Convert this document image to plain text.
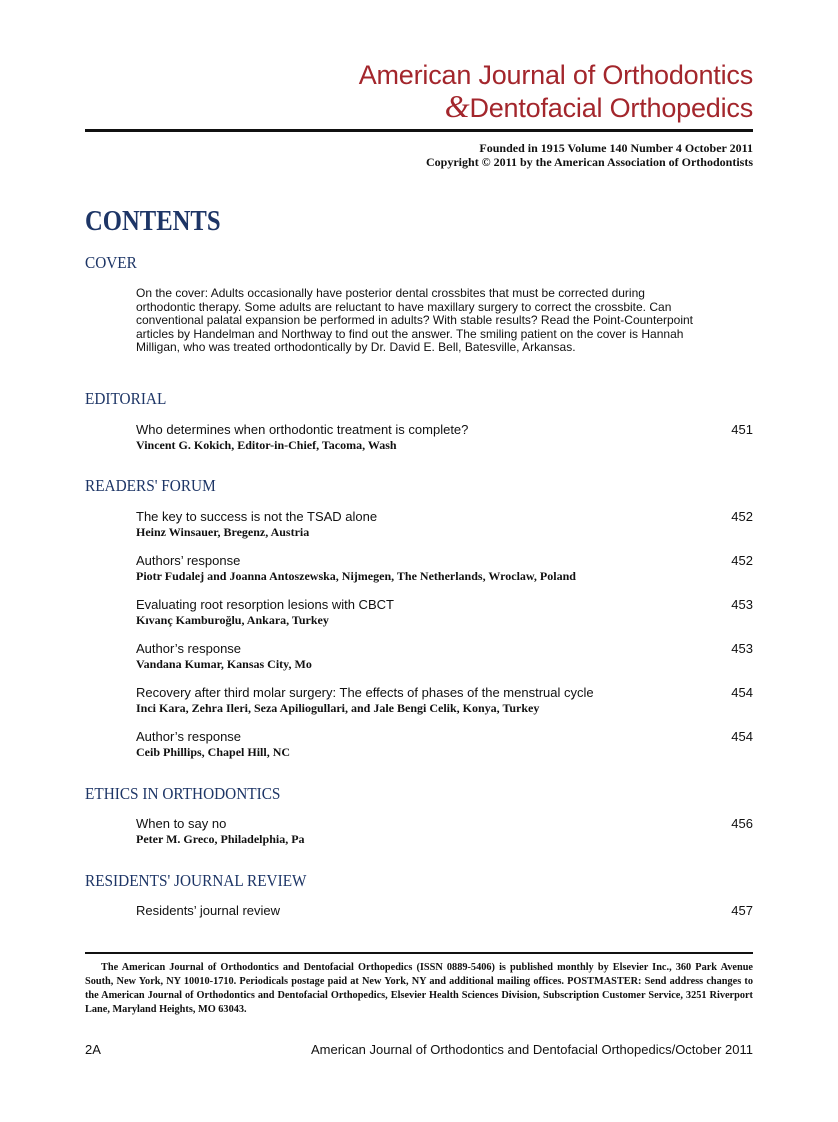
American Journal of Orthodontics
&Dentofacial Orthopedics
Founded in 1915 Volume 140 Number 4 October 2011
Copyright © 2011 by the American Association of Orthodontists
CONTENTS
COVER
On the cover: Adults occasionally have posterior dental crossbites that must be corrected during orthodontic therapy. Some adults are reluctant to have maxillary surgery to correct the crossbite. Can conventional palatal expansion be performed in adults? With stable results? Read the Point-Counterpoint articles by Handelman and Northway to find out the answer. The smiling patient on the cover is Hannah Milligan, who was treated orthodontically by Dr. David E. Bell, Batesville, Arkansas.
EDITORIAL
Who determines when orthodontic treatment is complete?
Vincent G. Kokich, Editor-in-Chief, Tacoma, Wash
451
READERS' FORUM
The key to success is not the TSAD alone
Heinz Winsauer, Bregenz, Austria
452
Authors’ response
Piotr Fudalej and Joanna Antoszewska, Nijmegen, The Netherlands, Wroclaw, Poland
452
Evaluating root resorption lesions with CBCT
Kıvanç Kamburoğlu, Ankara, Turkey
453
Author’s response
Vandana Kumar, Kansas City, Mo
453
Recovery after third molar surgery: The effects of phases of the menstrual cycle
Inci Kara, Zehra Ileri, Seza Apiliogullari, and Jale Bengi Celik, Konya, Turkey
454
Author’s response
Ceib Phillips, Chapel Hill, NC
454
ETHICS IN ORTHODONTICS
When to say no
Peter M. Greco, Philadelphia, Pa
456
RESIDENTS' JOURNAL REVIEW
Residents’ journal review	457
The American Journal of Orthodontics and Dentofacial Orthopedics (ISSN 0889-5406) is published monthly by Elsevier Inc., 360 Park Avenue South, New York, NY 10010-1710. Periodicals postage paid at New York, NY and additional mailing offices. POSTMASTER: Send address changes to the American Journal of Orthodontics and Dentofacial Orthopedics, Elsevier Health Sciences Division, Subscription Customer Service, 3251 Riverport Lane, Maryland Heights, MO 63043.
2A	American Journal of Orthodontics and Dentofacial Orthopedics/October 2011
